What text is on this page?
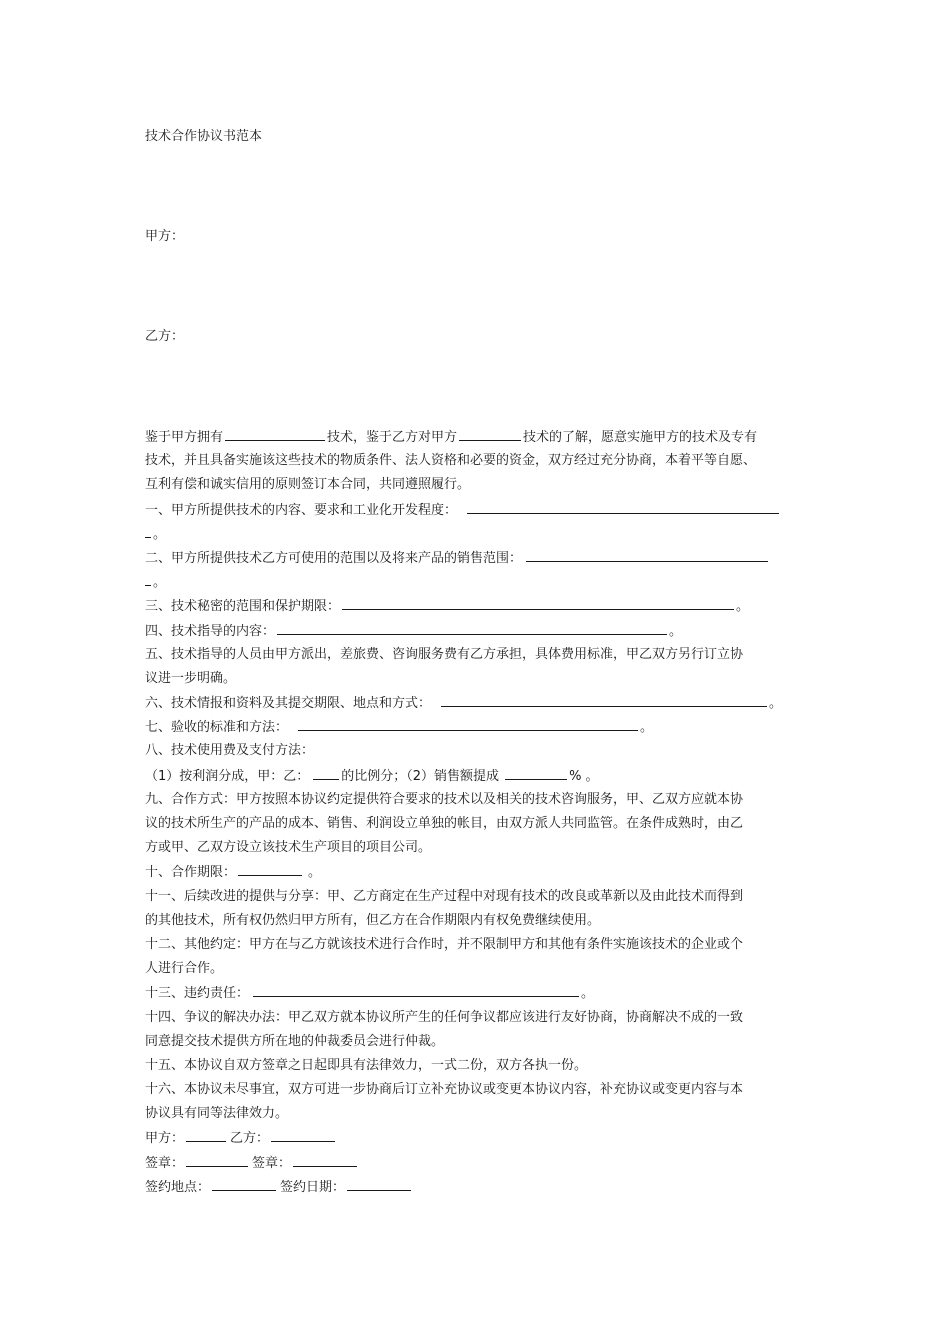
技术合作协议书范本
甲方：
乙方：
鉴于甲方拥有	技术，鉴于乙方对甲方	技术的了解，愿意实施甲方的技术及专有
技术，并且具备实施该这些技术的物质条件、法人资格和必要的资金，双方经过充分协商，本着平等自愿、
互利有偿和诚实信用的原则签订本合同，共同遵照履行。
一、甲方所提供技术的内容、要求和工业化开发程度：
。
二、甲方所提供技术乙方可使用的范围以及将来产品的销售范围：
。
三、技术秘密的范围和保护期限：	。
四、技术指导的内容：	。
五、技术指导的人员由甲方派出，差旅费、咨询服务费有乙方承担，具体费用标准，甲乙双方另行订立协
议进一步明确。
六、技术情报和资料及其提交期限、地点和方式：	。
七、验收的标准和方法：	。
八、技术使用费及支付方法：
（1）按利润分成，甲：乙： 的比例分；（2）销售额提成	% 。
九、合作方式：甲方按照本协议约定提供符合要求的技术以及相关的技术咨询服务，甲、乙双方应就本协
议的技术所生产的产品的成本、销售、利润设立单独的帐目，由双方派人共同监管。在条件成熟时，由乙
方或甲、乙双方设立该技术生产项目的项目公司。
十、合作期限：	。
十一、后续改进的提供与分享：甲、乙方商定在生产过程中对现有技术的改良或革新以及由此技术而得到
的其他技术，所有权仍然归甲方所有，但乙方在合作期限内有权免费继续使用。
十二、其他约定：甲方在与乙方就该技术进行合作时，并不限制甲方和其他有条件实施该技术的企业或个
人进行合作。
十三、违约责任：	。
十四、争议的解决办法：甲乙双方就本协议所产生的任何争议都应该进行友好协商，协商解决不成的一致
同意提交技术提供方所在地的仲裁委员会进行仲裁。
十五、本协议自双方签章之日起即具有法律效力，一式二份，双方各执一份。
十六、本协议未尽事宜，双方可进一步协商后订立补充协议或变更本协议内容，补充协议或变更内容与本
协议具有同等法律效力。
甲方：	乙方：
签章：	签章：
签约地点：	签约日期：
